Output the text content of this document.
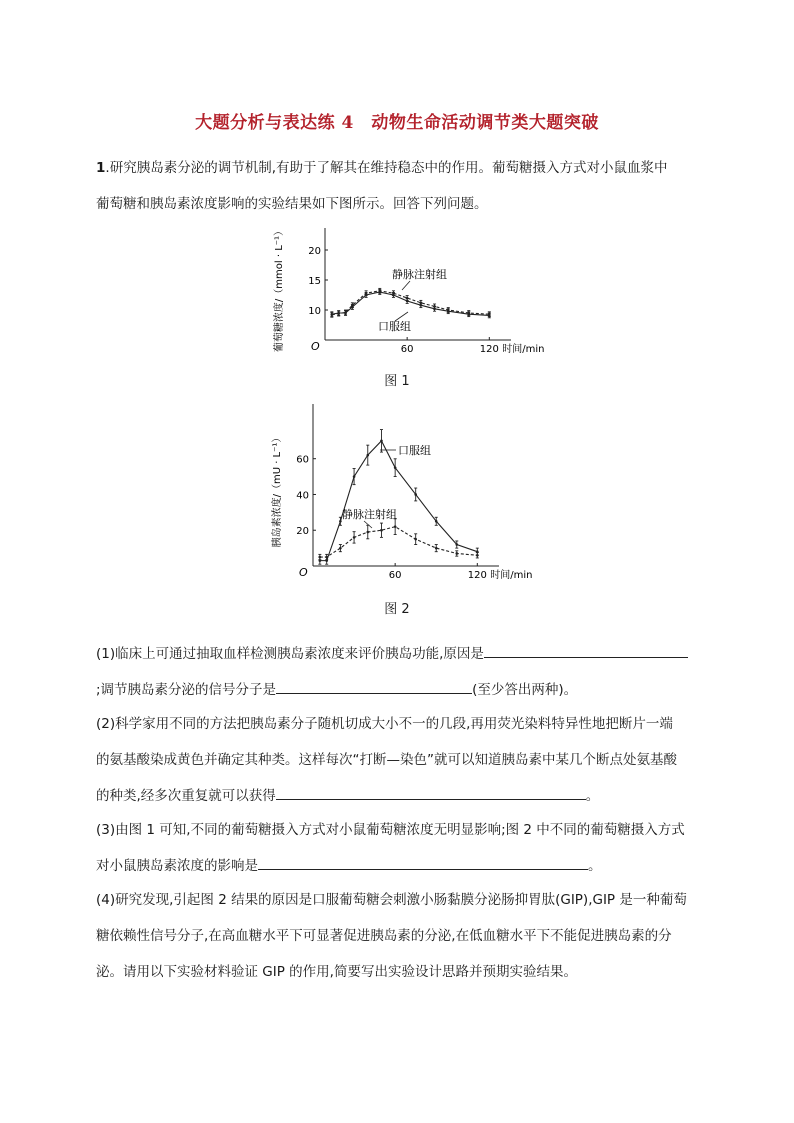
大题分析与表达练 4　动物生命活动调节类大题突破
1.研究胰岛素分泌的调节机制,有助于了解其在维持稳态中的作用。葡萄糖摄入方式对小鼠血浆中
葡萄糖和胰岛素浓度影响的实验结果如下图所示。回答下列问题。
O	60	120 时间/min
10
15
20
葡萄糖浓度/（mmol · L⁻¹）	口服组
静脉注射组
图 1
O	60	120 时间/min
20
40
60
胰岛素浓度/（mU · L⁻¹）	口服组
静脉注射组
图 2
(1)临床上可通过抽取血样检测胰岛素浓度来评价胰岛功能,原因是
;调节胰岛素分泌的信号分子是	(至少答出两种)。
(2)科学家用不同的方法把胰岛素分子随机切成大小不一的几段,再用荧光染料特异性地把断片一端
的氨基酸染成黄色并确定其种类。这样每次“打断—染色”就可以知道胰岛素中某几个断点处氨基酸
的种类,经多次重复就可以获得	。
(3)由图 1 可知,不同的葡萄糖摄入方式对小鼠葡萄糖浓度无明显影响;图 2 中不同的葡萄糖摄入方式
对小鼠胰岛素浓度的影响是	。
(4)研究发现,引起图 2 结果的原因是口服葡萄糖会刺激小肠黏膜分泌肠抑胃肽(GIP),GIP 是一种葡萄
糖依赖性信号分子,在高血糖水平下可显著促进胰岛素的分泌,在低血糖水平下不能促进胰岛素的分
泌。请用以下实验材料验证 GIP 的作用,简要写出实验设计思路并预期实验结果。
